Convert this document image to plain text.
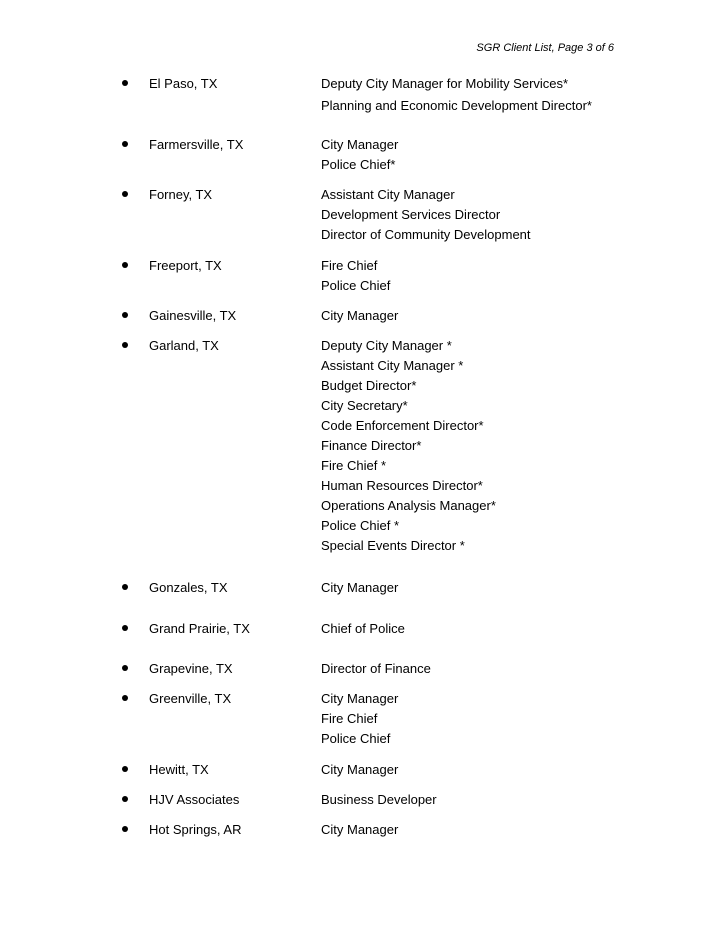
SGR Client List, Page 3 of 6
El Paso, TX	Deputy City Manager for Mobility Services*
Planning and Economic Development Director*
Farmersville, TX	City Manager
Police Chief*
Forney, TX	Assistant City Manager
Development Services Director
Director of Community Development
Freeport, TX	Fire Chief
Police Chief
Gainesville, TX	City Manager
Garland, TX	Deputy City Manager *
Assistant City Manager *
Budget Director*
City Secretary*
Code Enforcement Director*
Finance Director*
Fire Chief *
Human Resources Director*
Operations Analysis Manager*
Police Chief *
Special Events Director *
Gonzales, TX	City Manager
Grand Prairie, TX	Chief of Police
Grapevine, TX	Director of Finance
Greenville, TX	City Manager
Fire Chief
Police Chief
Hewitt, TX	City Manager
HJV Associates	Business Developer
Hot Springs, AR	City Manager
